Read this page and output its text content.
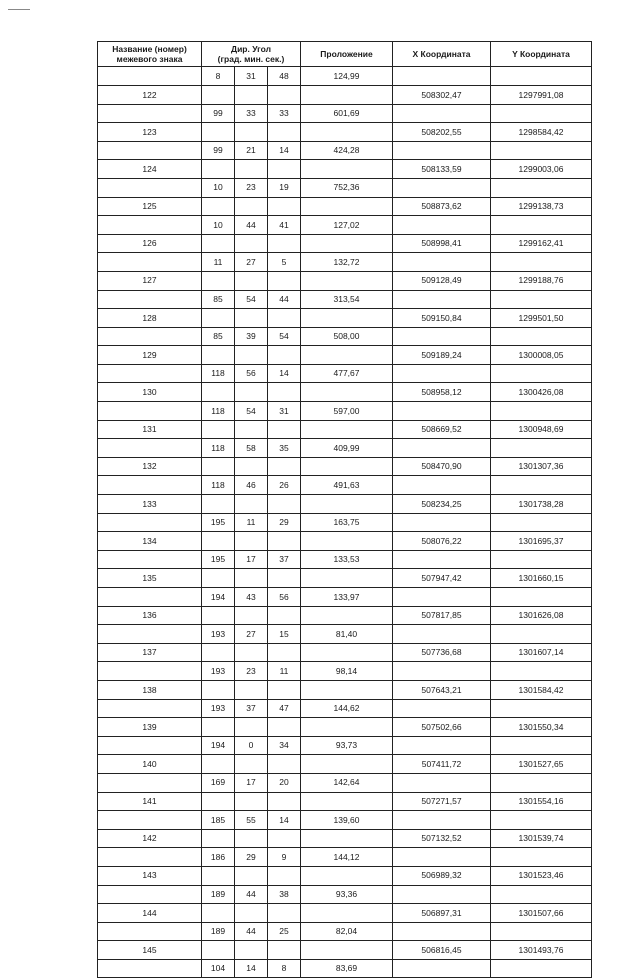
Название (номер)
межевого знака	Дир. Угол
(град. мин. сек.)			Проложение	X Координата	Y Координата
	8	31	48	124,99		
122					508302,47	1297991,08
	99	33	33	601,69		
123					508202,55	1298584,42
	99	21	14	424,28		
124					508133,59	1299003,06
	10	23	19	752,36		
125					508873,62	1299138,73
	10	44	41	127,02		
126					508998,41	1299162,41
	11	27	5	132,72		
127					509128,49	1299188,76
	85	54	44	313,54		
128					509150,84	1299501,50
	85	39	54	508,00		
129					509189,24	1300008,05
	118	56	14	477,67		
130					508958,12	1300426,08
	118	54	31	597,00		
131					508669,52	1300948,69
	118	58	35	409,99		
132					508470,90	1301307,36
	118	46	26	491,63		
133					508234,25	1301738,28
	195	11	29	163,75		
134					508076,22	1301695,37
	195	17	37	133,53		
135					507947,42	1301660,15
	194	43	56	133,97		
136					507817,85	1301626,08
	193	27	15	81,40		
137					507736,68	1301607,14
	193	23	11	98,14		
138					507643,21	1301584,42
	193	37	47	144,62		
139					507502,66	1301550,34
	194	0	34	93,73		
140					507411,72	1301527,65
	169	17	20	142,64		
141					507271,57	1301554,16
	185	55	14	139,60		
142					507132,52	1301539,74
	186	29	9	144,12		
143					506989,32	1301523,46
	189	44	38	93,36		
144					506897,31	1301507,66
	189	44	25	82,04		
145					506816,45	1301493,76
	104	14	8	83,69		
